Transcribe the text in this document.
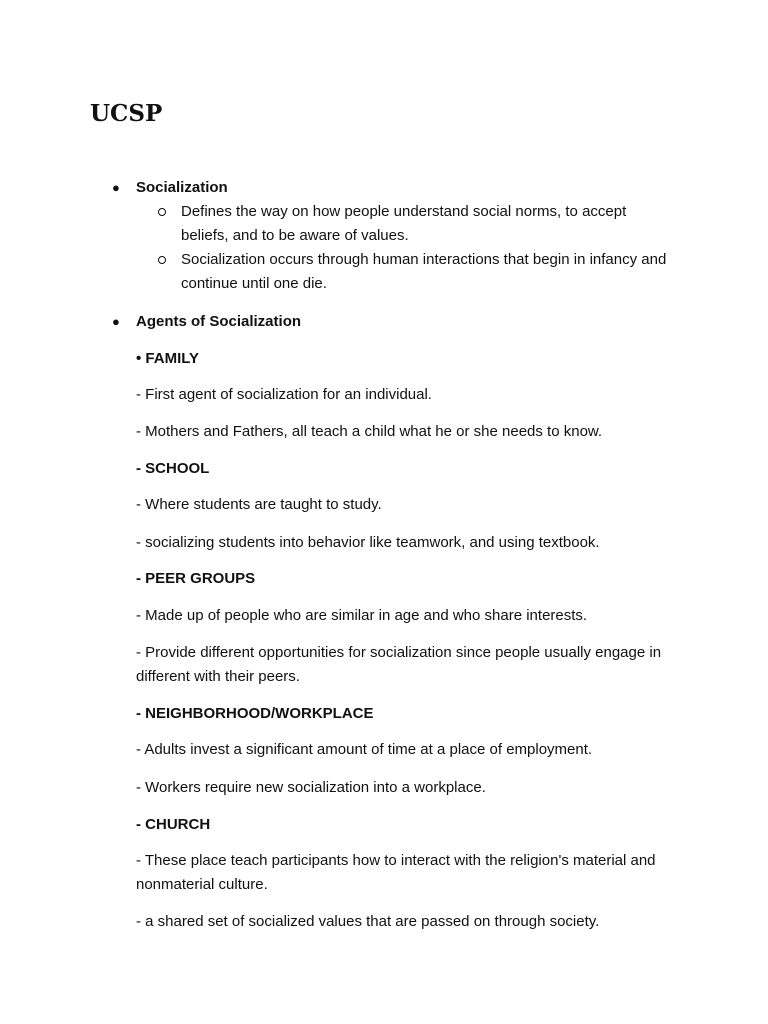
UCSP
● Socialization
Defines the way on how people understand social norms, to accept
beliefs, and to be aware of values.
Socialization occurs through human interactions that begin in infancy and
continue until one die.
● Agents of Socialization
• FAMILY
- First agent of socialization for an individual.
- Mothers and Fathers, all teach a child what he or she needs to know.
- SCHOOL
- Where students are taught to study.
- socializing students into behavior like teamwork, and using textbook.
- PEER GROUPS
- Made up of people who are similar in age and who share interests.
- Provide different opportunities for socialization since people usually engage in
different with their peers.
- NEIGHBORHOOD/WORKPLACE
- Adults invest a significant amount of time at a place of employment.
- Workers require new socialization into a workplace.
- CHURCH
- These place teach participants how to interact with the religion's material and
nonmaterial culture.
- a shared set of socialized values that are passed on through society.
